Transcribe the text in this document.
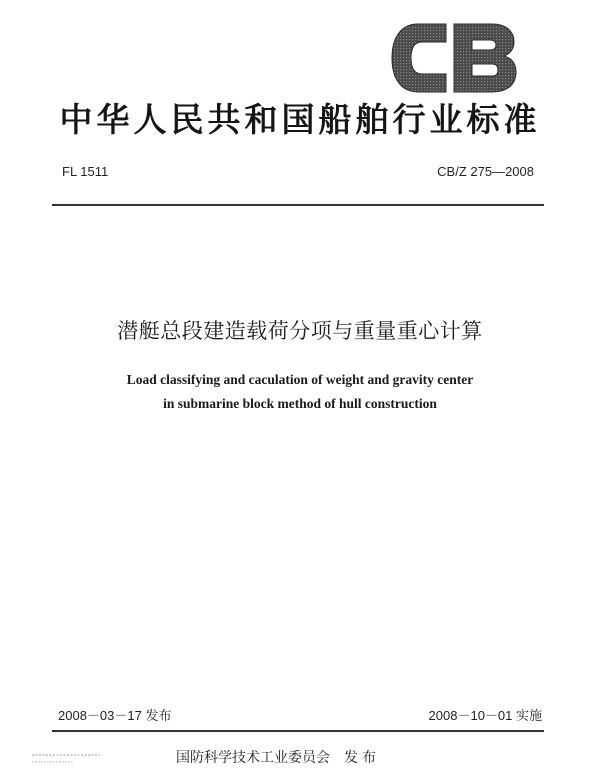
中华人民共和国船舶行业标准
FL 1511	CB/Z 275—2008
潜艇总段建造载荷分项与重量重心计算
Load classifying and caculation of weight and gravity center
in submarine block method of hull construction
2008－03－17 发布	2008－10－01 实施
国防科学技术工业委员会 发布
